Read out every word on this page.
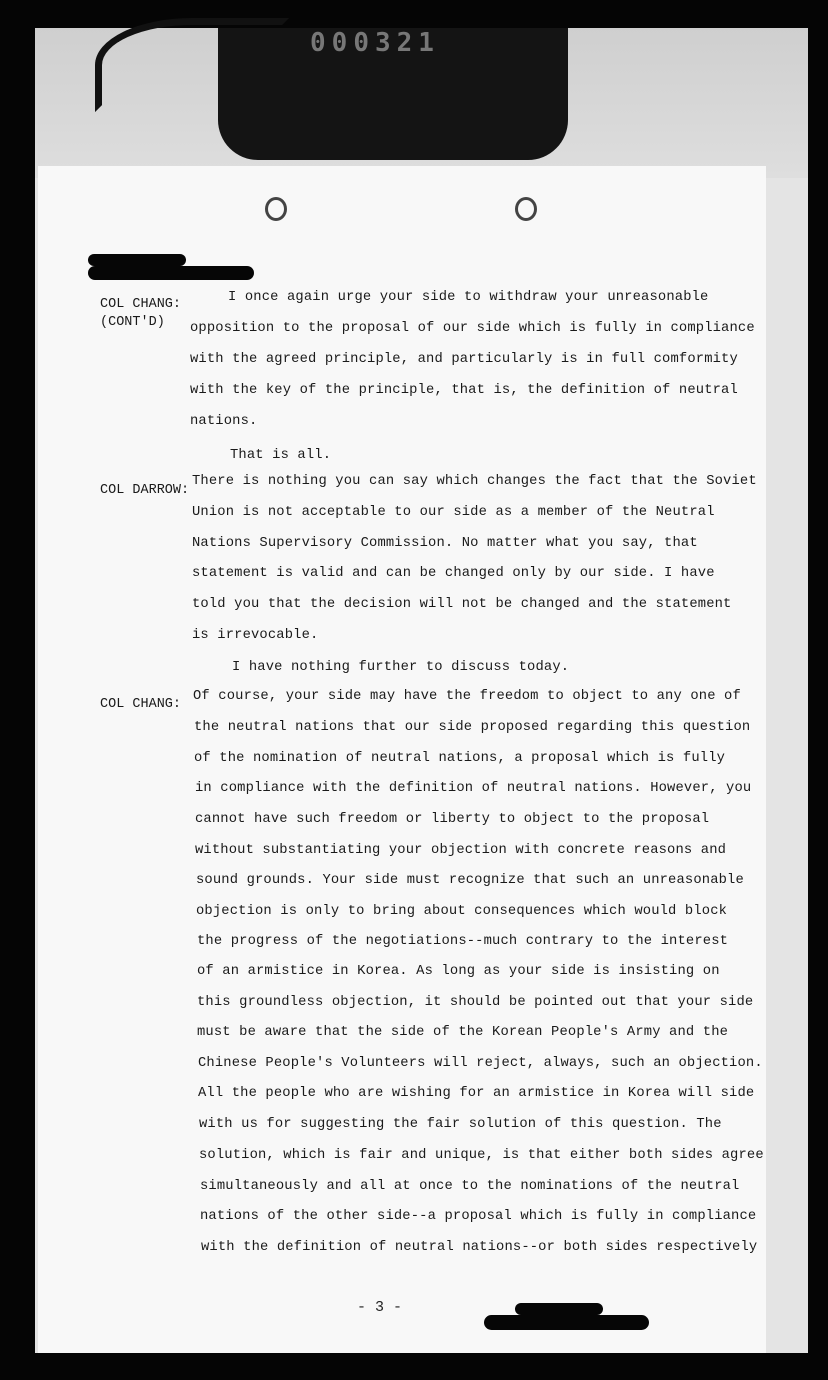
000321
COL CHANG:
(CONT'D)
I once again urge your side to withdraw your unreasonable
opposition to the proposal of our side which is fully in compliance
with the agreed principle, and particularly is in full comformity
with the key of the principle, that is, the definition of neutral
nations.
That is all.
COL DARROW:
There is nothing you can say which changes the fact that the Soviet
Union is not acceptable to our side as a member of the Neutral
Nations Supervisory Commission. No matter what you say, that
statement is valid and can be changed only by our side. I have
told you that the decision will not be changed and the statement
is irrevocable.
I have nothing further to discuss today.
COL CHANG:
Of course, your side may have the freedom to object to any one of
the neutral nations that our side proposed regarding this question
of the nomination of neutral nations, a proposal which is fully
in compliance with the definition of neutral nations. However, you
cannot have such freedom or liberty to object to the proposal
without substantiating your objection with concrete reasons and
sound grounds. Your side must recognize that such an unreasonable
objection is only to bring about consequences which would block
the progress of the negotiations--much contrary to the interest
of an armistice in Korea. As long as your side is insisting on
this groundless objection, it should be pointed out that your side
must be aware that the side of the Korean People's Army and the
Chinese People's Volunteers will reject, always, such an objection.
All the people who are wishing for an armistice in Korea will side
with us for suggesting the fair solution of this question. The
solution, which is fair and unique, is that either both sides agree
simultaneously and all at once to the nominations of the neutral
nations of the other side--a proposal which is fully in compliance
with the definition of neutral nations--or both sides respectively
- 3 -
